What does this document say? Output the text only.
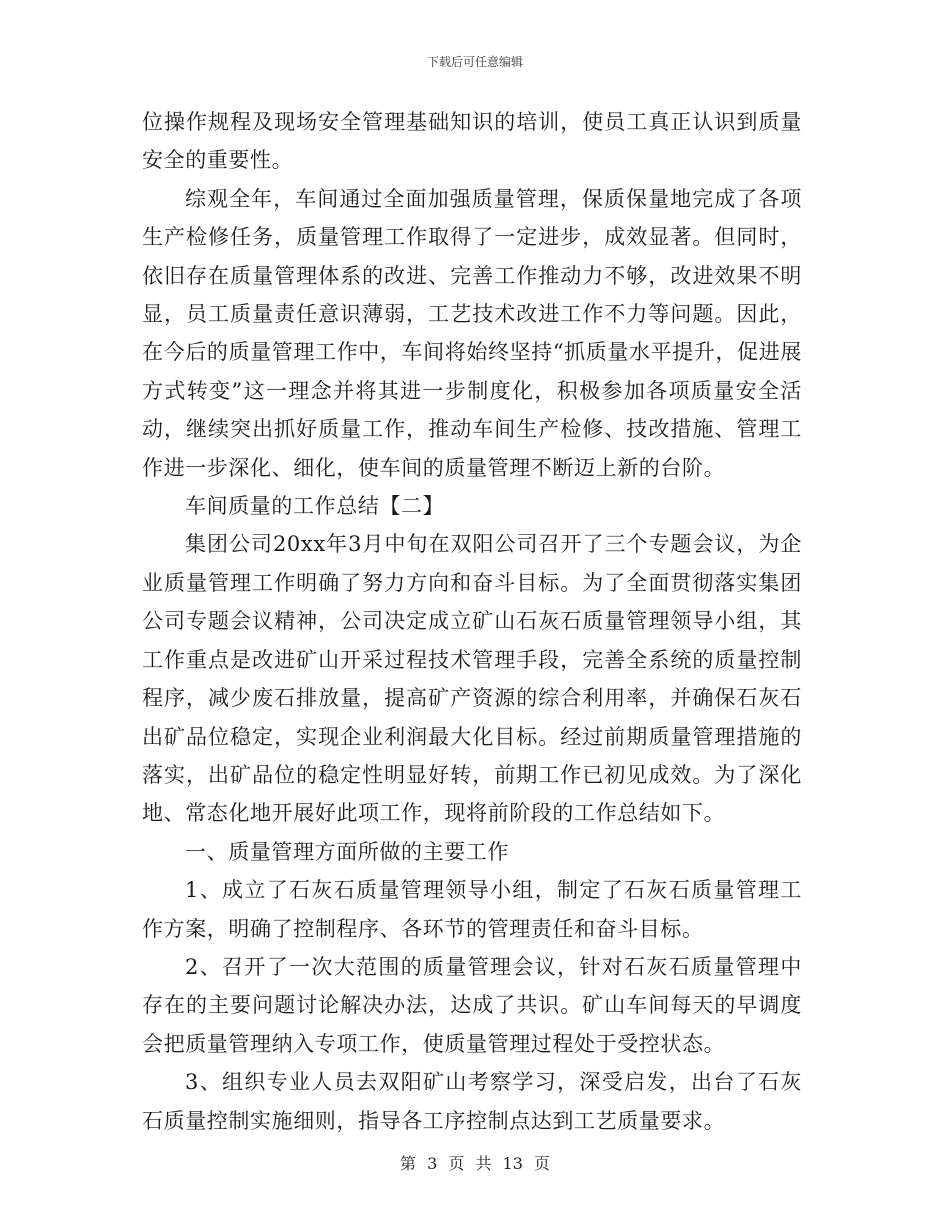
下载后可任意编辑

位操作规程及现场安全管理基础知识的培训，使员工真正认识到质量安全的重要性。

综观全年，车间通过全面加强质量管理，保质保量地完成了各项生产检修任务，质量管理工作取得了一定进步，成效显著。但同时，依旧存在质量管理体系的改进、完善工作推动力不够，改进效果不明显，员工质量责任意识薄弱，工艺技术改进工作不力等问题。因此，在今后的质量管理工作中，车间将始终坚持“抓质量水平提升，促进展方式转变”这一理念并将其进一步制度化，积极参加各项质量安全活动，继续突出抓好质量工作，推动车间生产检修、技改措施、管理工作进一步深化、细化，使车间的质量管理不断迈上新的台阶。

车间质量的工作总结【二】

集团公司20xx年3月中旬在双阳公司召开了三个专题会议，为企业质量管理工作明确了努力方向和奋斗目标。为了全面贯彻落实集团公司专题会议精神，公司决定成立矿山石灰石质量管理领导小组，其工作重点是改进矿山开采过程技术管理手段，完善全系统的质量控制程序，减少废石排放量，提高矿产资源的综合利用率，并确保石灰石出矿品位稳定，实现企业利润最大化目标。经过前期质量管理措施的落实，出矿品位的稳定性明显好转，前期工作已初见成效。为了深化地、常态化地开展好此项工作，现将前阶段的工作总结如下。

一、质量管理方面所做的主要工作

1、成立了石灰石质量管理领导小组，制定了石灰石质量管理工作方案，明确了控制程序、各环节的管理责任和奋斗目标。

2、召开了一次大范围的质量管理会议，针对石灰石质量管理中存在的主要问题讨论解决办法，达成了共识。矿山车间每天的早调度会把质量管理纳入专项工作，使质量管理过程处于受控状态。

3、组织专业人员去双阳矿山考察学习，深受启发，出台了石灰石质量控制实施细则，指导各工序控制点达到工艺质量要求。

第 3 页 共 13 页
